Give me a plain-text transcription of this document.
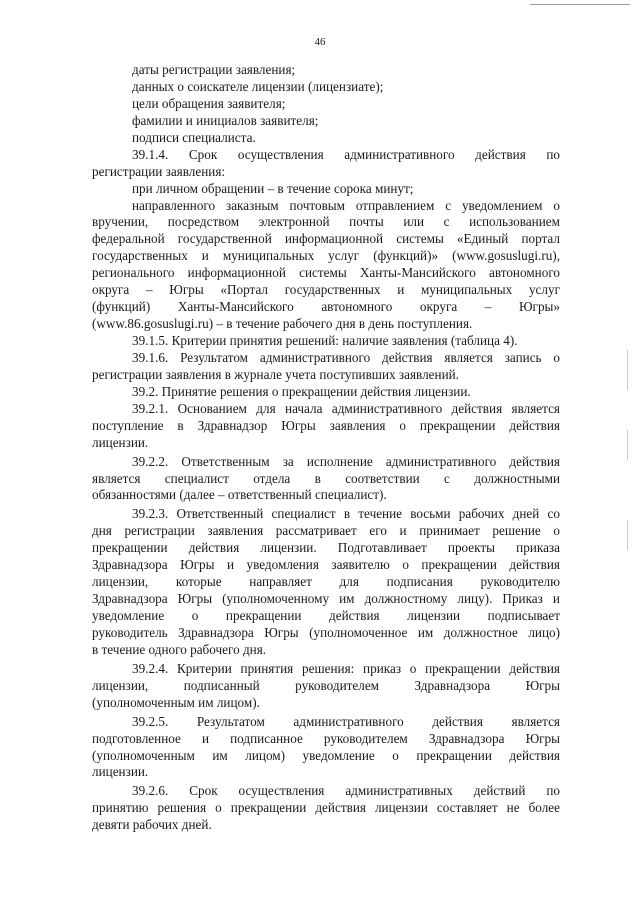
46
даты регистрации заявления;
данных о соискателе лицензии (лицензиате);
цели обращения заявителя;
фамилии и инициалов заявителя;
подписи специалиста.
39.1.4. Срок осуществления административного действия по
регистрации заявления:
при личном обращении – в течение сорока минут;
направленного заказным почтовым отправлением с уведомлением о
вручении, посредством электронной почты или с использованием
федеральной государственной информационной системы «Единый портал
государственных и муниципальных услуг (функций)» (www.gosuslugi.ru),
регионального информационной системы Ханты-Мансийского автономного
округа – Югры «Портал государственных и муниципальных услуг
(функций) Ханты-Мансийского автономного округа – Югры»
(www.86.gosuslugi.ru) – в течение рабочего дня в день поступления.
39.1.5. Критерии принятия решений: наличие заявления (таблица 4).
39.1.6. Результатом административного действия является запись о
регистрации заявления в журнале учета поступивших заявлений.
39.2. Принятие решения о прекращении действия лицензии.
39.2.1. Основанием для начала административного действия является
поступление в Здравнадзор Югры заявления о прекращении действия
лицензии.
39.2.2. Ответственным за исполнение административного действия
является специалист отдела в соответствии с должностными
обязанностями (далее – ответственный специалист).
39.2.3. Ответственный специалист в течение восьми рабочих дней со
дня регистрации заявления рассматривает его и принимает решение о
прекращении действия лицензии. Подготавливает проекты приказа
Здравнадзора Югры и уведомления заявителю о прекращении действия
лицензии, которые направляет для подписания руководителю
Здравнадзора Югры (уполномоченному им должностному лицу). Приказ и
уведомление о прекращении действия лицензии подписывает
руководитель Здравнадзора Югры (уполномоченное им должностное лицо)
в течение одного рабочего дня.
39.2.4. Критерии принятия решения: приказ о прекращении действия
лицензии, подписанный руководителем Здравнадзора Югры
(уполномоченным им лицом).
39.2.5. Результатом административного действия является
подготовленное и подписанное руководителем Здравнадзора Югры
(уполномоченным им лицом) уведомление о прекращении действия
лицензии.
39.2.6. Срок осуществления административных действий по
принятию решения о прекращении действия лицензии составляет не более
девяти рабочих дней.
